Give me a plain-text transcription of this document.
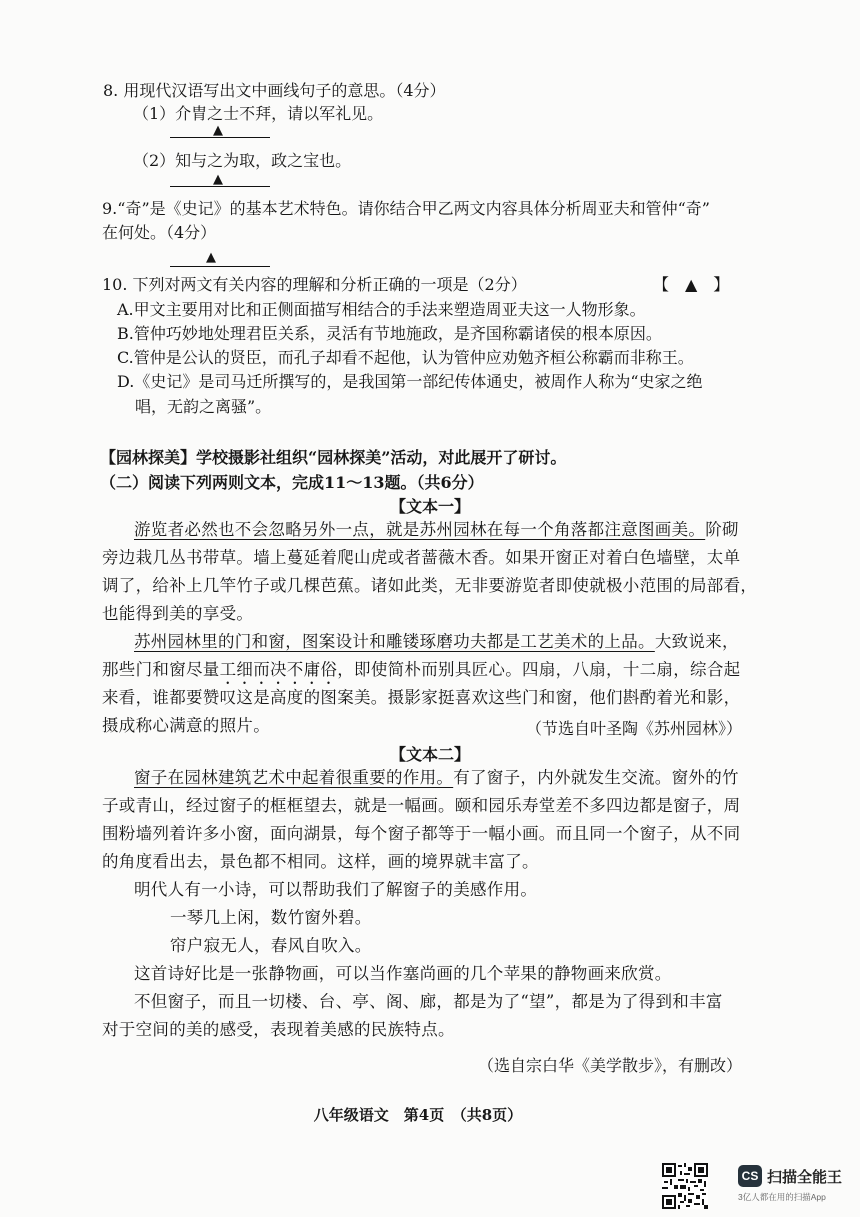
8. 用现代汉语写出文中画线句子的意思。（4分）
（1）介胄之士不拜，请以军礼见。
▲
（2）知与之为取，政之宝也。
▲
9.“奇”是《史记》的基本艺术特色。请你结合甲乙两文内容具体分析周亚夫和管仲“奇”
在何处。（4分）
▲
10. 下列对两文有关内容的理解和分析正确的一项是（2分）	【　▲　】
A.甲文主要用对比和正侧面描写相结合的手法来塑造周亚夫这一人物形象。
B.管仲巧妙地处理君臣关系，灵活有节地施政，是齐国称霸诸侯的根本原因。
C.管仲是公认的贤臣，而孔子却看不起他，认为管仲应劝勉齐桓公称霸而非称王。
D.《史记》是司马迁所撰写的，是我国第一部纪传体通史，被周作人称为“史家之绝
唱，无韵之离骚”。
【园林探美】学校摄影社组织“园林探美”活动，对此展开了研讨。
（二）阅读下列两则文本，完成11～13题。（共6分）
【文本一】
游览者必然也不会忽略另外一点，就是苏州园林在每一个角落都注意图画美。阶砌
旁边栽几丛书带草。墙上蔓延着爬山虎或者蔷薇木香。如果开窗正对着白色墙壁，太单
调了，给补上几竿竹子或几棵芭蕉。诸如此类，无非要游览者即使就极小范围的局部看，
也能得到美的享受。
苏州园林里的门和窗，图案设计和雕镂琢磨功夫都是工艺美术的上品。大致说来，
那些门和窗尽量工细而决不庸俗，即使简朴而别具匠心。四扇，八扇，十二扇，综合起
来看，谁都要赞叹这是高度的图案美。摄影家挺喜欢这些门和窗，他们斟酌着光和影，
摄成称心满意的照片。	（节选自叶圣陶《苏州园林》）
【文本二】
窗子在园林建筑艺术中起着很重要的作用。有了窗子，内外就发生交流。窗外的竹
子或青山，经过窗子的框框望去，就是一幅画。颐和园乐寿堂差不多四边都是窗子，周
围粉墙列着许多小窗，面向湖景，每个窗子都等于一幅小画。而且同一个窗子，从不同
的角度看出去，景色都不相同。这样，画的境界就丰富了。
明代人有一小诗，可以帮助我们了解窗子的美感作用。
一琴几上闲，数竹窗外碧。
帘户寂无人，春风自吹入。
这首诗好比是一张静物画，可以当作塞尚画的几个苹果的静物画来欣赏。
不但窗子，而且一切楼、台、亭、阁、廊，都是为了“望”，都是为了得到和丰富
对于空间的美的感受，表现着美感的民族特点。
（选自宗白华《美学散步》，有删改）
八年级语文　第4页　（共8页）
CS 扫描全能王
3亿人都在用的扫描App
